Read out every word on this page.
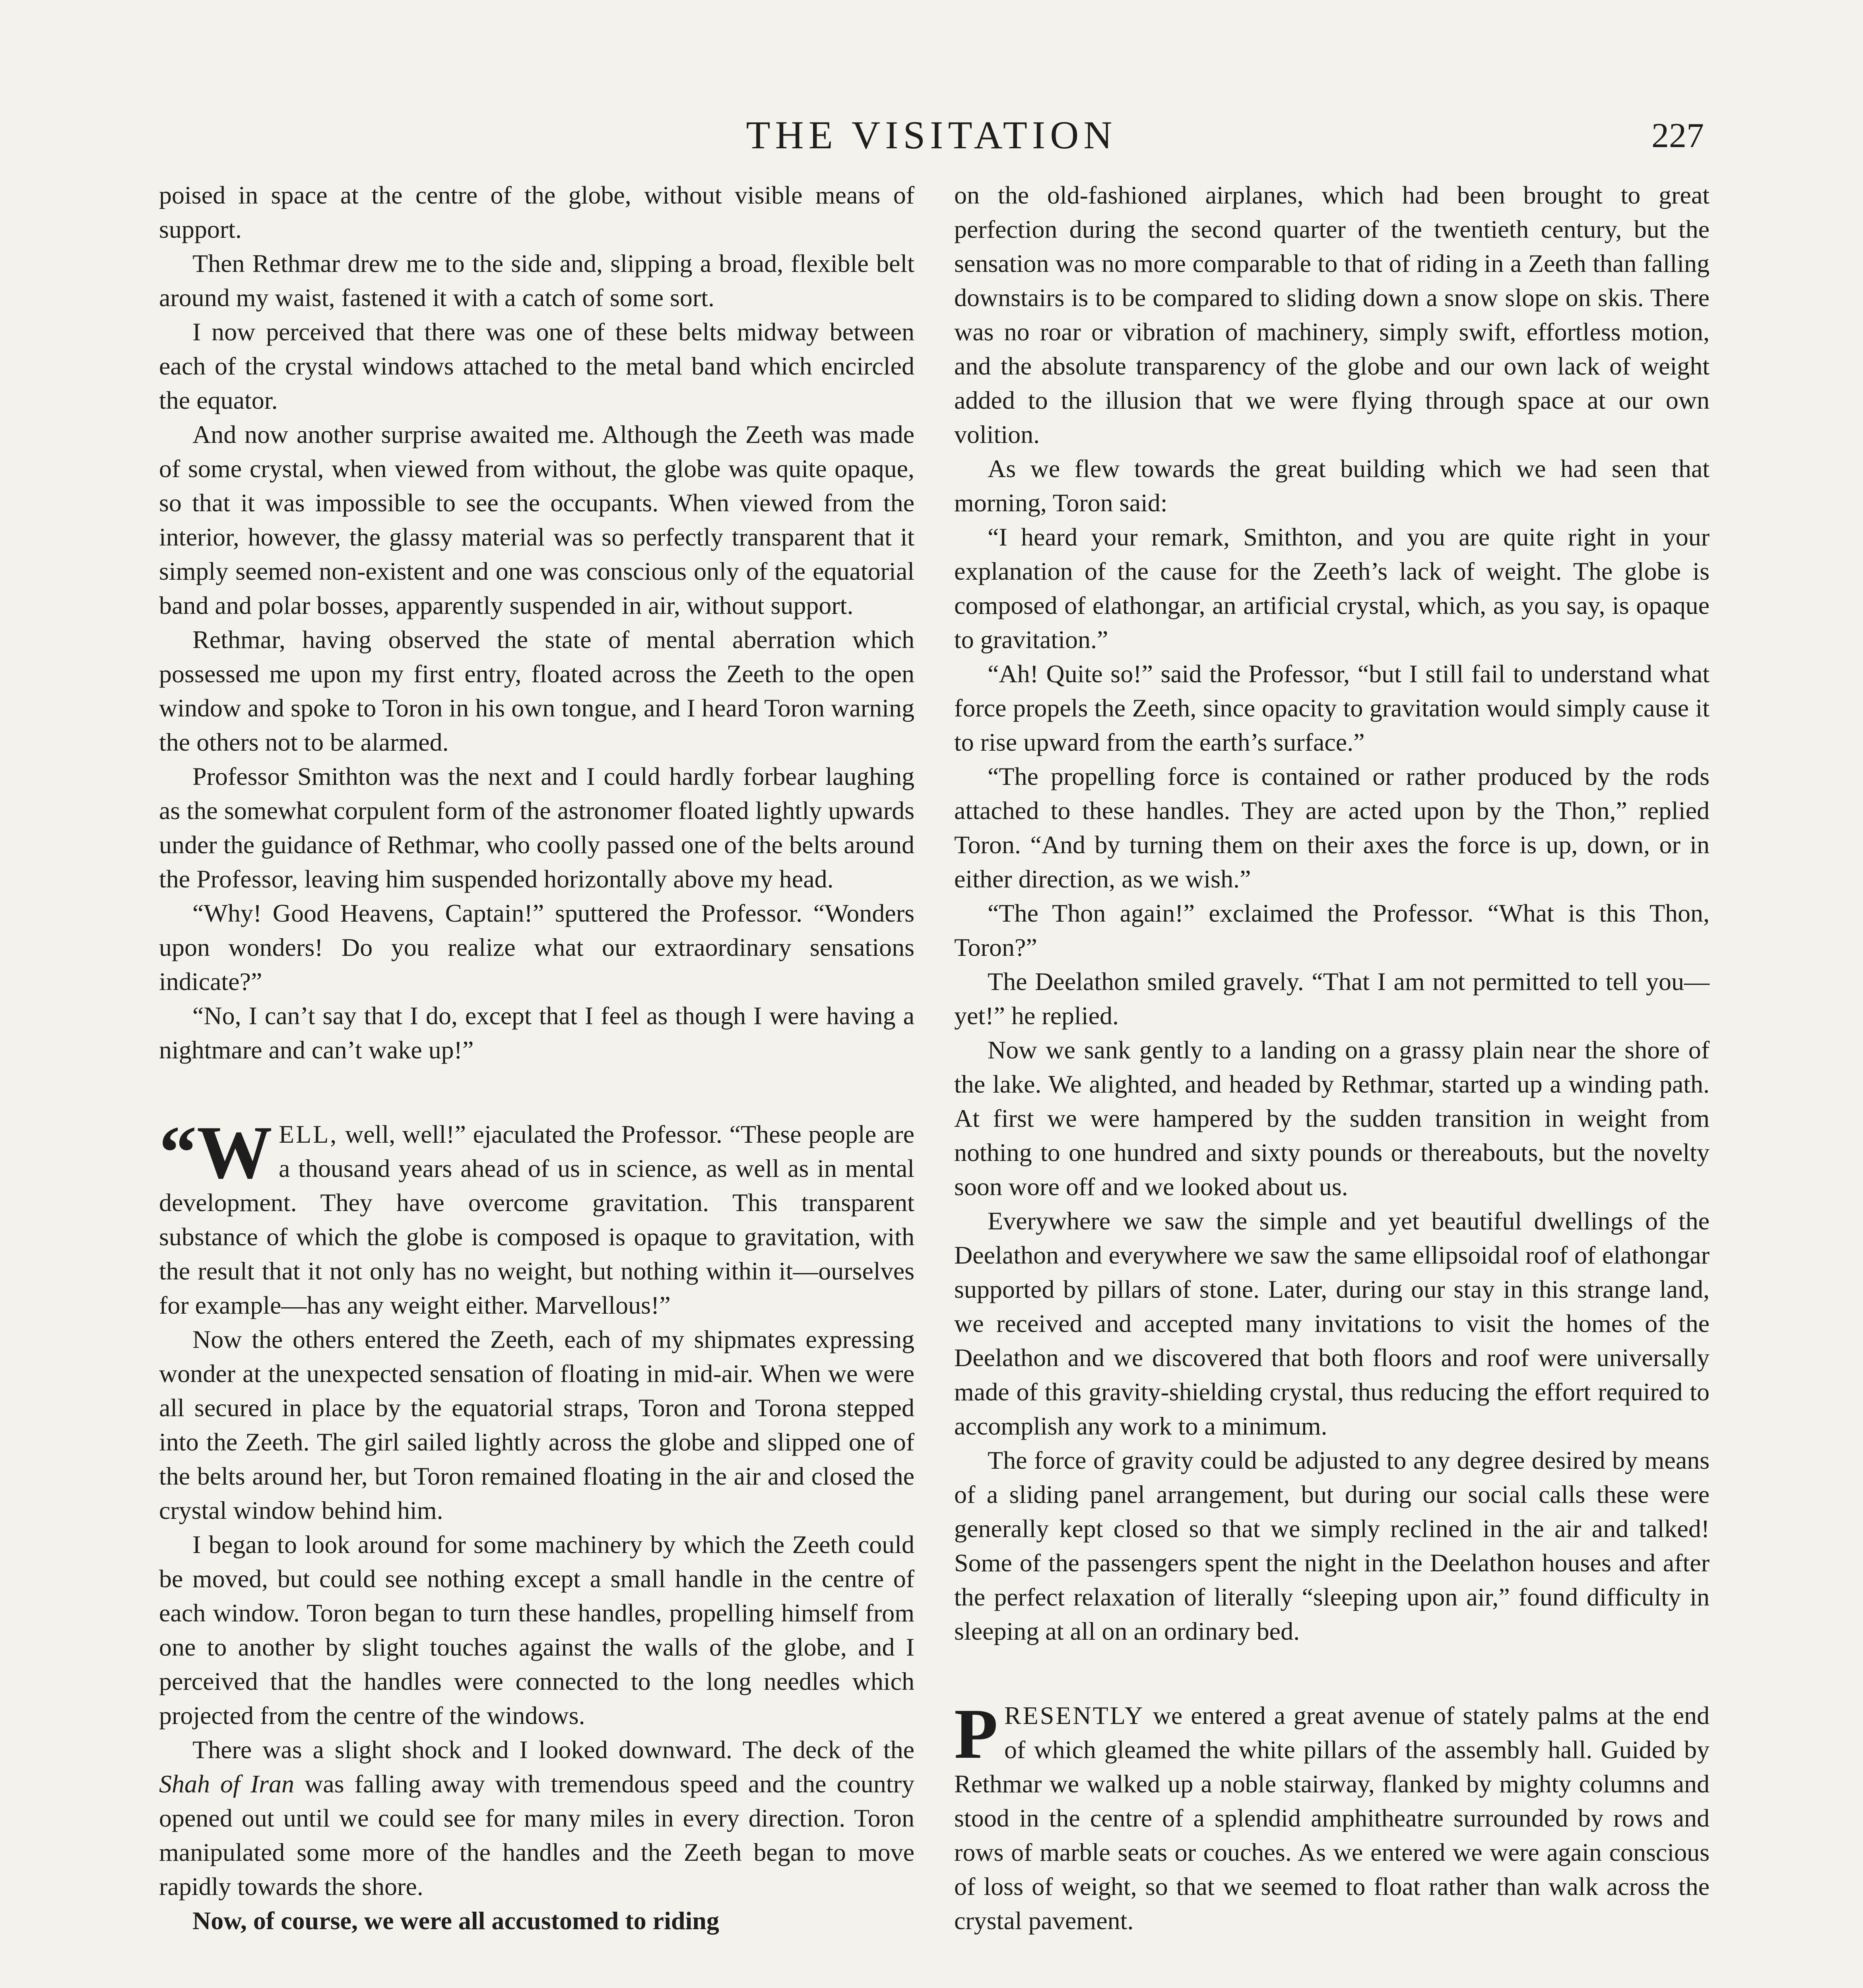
THE VISITATION	227

poised in space at the centre of the globe, without visible means of support.

Then Rethmar drew me to the side and, slipping a broad, flexible belt around my waist, fastened it with a catch of some sort.

I now perceived that there was one of these belts midway between each of the crystal windows attached to the metal band which encircled the equator.

And now another surprise awaited me. Although the Zeeth was made of some crystal, when viewed from without, the globe was quite opaque, so that it was impossible to see the occupants. When viewed from the interior, however, the glassy material was so perfectly transparent that it simply seemed non-existent and one was conscious only of the equatorial band and polar bosses, apparently suspended in air, without support.

Rethmar, having observed the state of mental aberration which possessed me upon my first entry, floated across the Zeeth to the open window and spoke to Toron in his own tongue, and I heard Toron warning the others not to be alarmed.

Professor Smithton was the next and I could hardly forbear laughing as the somewhat corpulent form of the astronomer floated lightly upwards under the guidance of Rethmar, who coolly passed one of the belts around the Professor, leaving him suspended horizontally above my head.

“Why! Good Heavens, Captain!” sputtered the Professor. “Wonders upon wonders! Do you realize what our extraordinary sensations indicate?”

“No, I can’t say that I do, except that I feel as though I were having a nightmare and can’t wake up!”

“W ELL, well, well!” ejaculated the Professor. “These people are a thousand years ahead of us in science, as well as in mental development. They have overcome gravitation. This transparent substance of which the globe is composed is opaque to gravitation, with the result that it not only has no weight, but nothing within it—ourselves for example—has any weight either. Marvellous!”

Now the others entered the Zeeth, each of my shipmates expressing wonder at the unexpected sensation of floating in mid-air. When we were all secured in place by the equatorial straps, Toron and Torona stepped into the Zeeth. The girl sailed lightly across the globe and slipped one of the belts around her, but Toron remained floating in the air and closed the crystal window behind him.

I began to look around for some machinery by which the Zeeth could be moved, but could see nothing except a small handle in the centre of each window. Toron began to turn these handles, propelling himself from one to another by slight touches against the walls of the globe, and I perceived that the handles were connected to the long needles which projected from the centre of the windows.

There was a slight shock and I looked downward. The deck of the Shah of Iran was falling away with tremendous speed and the country opened out until we could see for many miles in every direction. Toron manipulated some more of the handles and the Zeeth began to move rapidly towards the shore.

Now, of course, we were all accustomed to riding

on the old-fashioned airplanes, which had been brought to great perfection during the second quarter of the twentieth century, but the sensation was no more comparable to that of riding in a Zeeth than falling downstairs is to be compared to sliding down a snow slope on skis. There was no roar or vibration of machinery, simply swift, effortless motion, and the absolute transparency of the globe and our own lack of weight added to the illusion that we were flying through space at our own volition.

As we flew towards the great building which we had seen that morning, Toron said:

“I heard your remark, Smithton, and you are quite right in your explanation of the cause for the Zeeth’s lack of weight. The globe is composed of elathongar, an artificial crystal, which, as you say, is opaque to gravitation.”

“Ah! Quite so!” said the Professor, “but I still fail to understand what force propels the Zeeth, since opacity to gravitation would simply cause it to rise upward from the earth’s surface.”

“The propelling force is contained or rather produced by the rods attached to these handles. They are acted upon by the Thon,” replied Toron. “And by turning them on their axes the force is up, down, or in either direction, as we wish.”

“The Thon again!” exclaimed the Professor. “What is this Thon, Toron?”

The Deelathon smiled gravely. “That I am not permitted to tell you—yet!” he replied.

Now we sank gently to a landing on a grassy plain near the shore of the lake. We alighted, and headed by Rethmar, started up a winding path. At first we were hampered by the sudden transition in weight from nothing to one hundred and sixty pounds or thereabouts, but the novelty soon wore off and we looked about us.

Everywhere we saw the simple and yet beautiful dwellings of the Deelathon and everywhere we saw the same ellipsoidal roof of elathongar supported by pillars of stone. Later, during our stay in this strange land, we received and accepted many invitations to visit the homes of the Deelathon and we discovered that both floors and roof were universally made of this gravity-shielding crystal, thus reducing the effort required to accomplish any work to a minimum.

The force of gravity could be adjusted to any degree desired by means of a sliding panel arrangement, but during our social calls these were generally kept closed so that we simply reclined in the air and talked! Some of the passengers spent the night in the Deelathon houses and after the perfect relaxation of literally “sleeping upon air,” found difficulty in sleeping at all on an ordinary bed.

PRESENTLY we entered a great avenue of stately palms at the end of which gleamed the white pillars of the assembly hall. Guided by Rethmar we walked up a noble stairway, flanked by mighty columns and stood in the centre of a splendid amphitheatre surrounded by rows and rows of marble seats or couches. As we entered we were again conscious of loss of weight, so that we seemed to float rather than walk across the crystal pavement.
